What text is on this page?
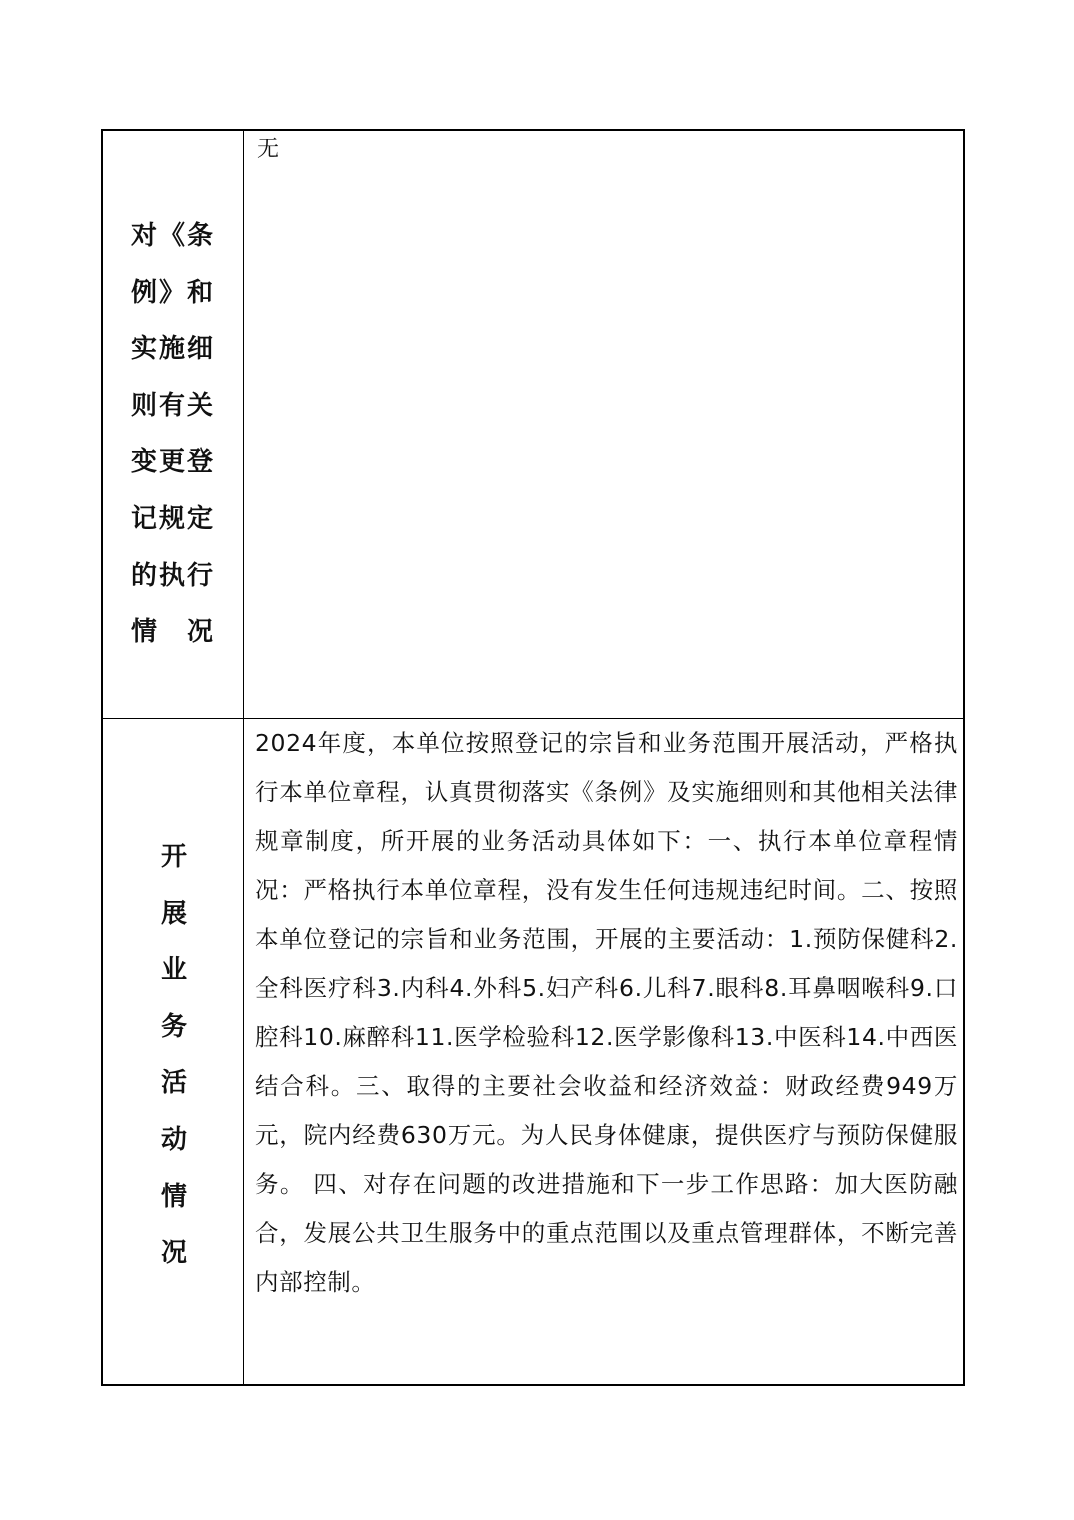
对《条例》和实施细则有关变更登记规定的执行情　况
无
开展业务活动情况
2024年度，本单位按照登记的宗旨和业务范围开展活动，严格执行本单位章程，认真贯彻落实《条例》及实施细则和其他相关法律规章制度，所开展的业务活动具体如下：一、执行本单位章程情况：严格执行本单位章程，没有发生任何违规违纪时间。二、按照本单位登记的宗旨和业务范围，开展的主要活动：1.预防保健科2.全科医疗科3.内科4.外科5.妇产科6.儿科7.眼科8.耳鼻咽喉科9.口腔科10.麻醉科11.医学检验科12.医学影像科13.中医科14.中西医结合科。三、取得的主要社会收益和经济效益：财政经费949万元，院内经费630万元。为人民身体健康，提供医疗与预防保健服务。 四、对存在问题的改进措施和下一步工作思路：加大医防融合，发展公共卫生服务中的重点范围以及重点管理群体，不断完善内部控制。
